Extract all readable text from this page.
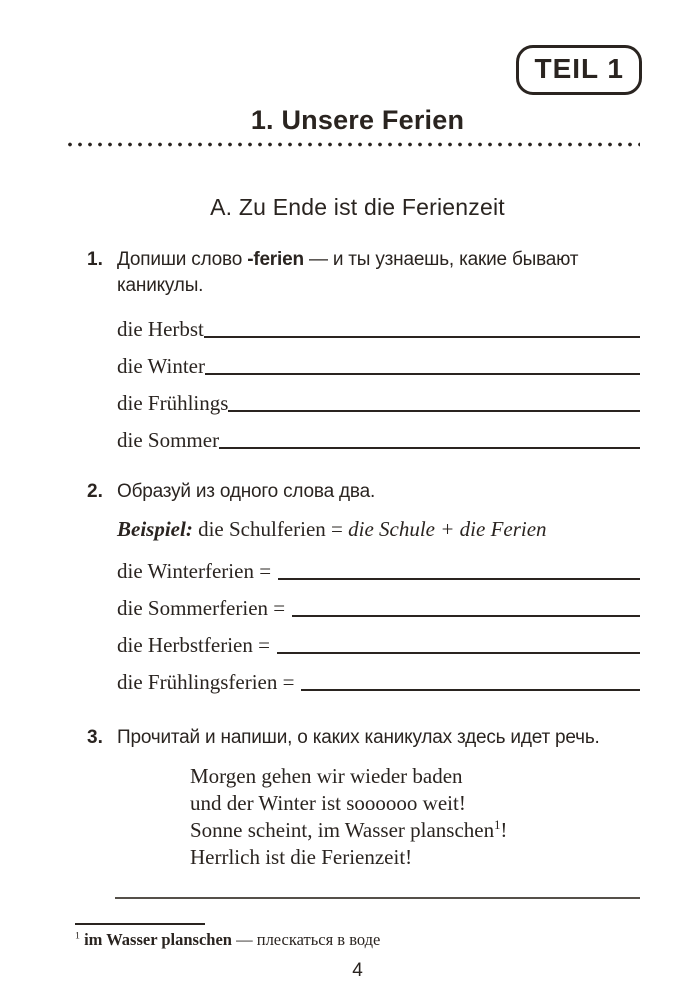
TEIL 1
1. Unsere Ferien
A. Zu Ende ist die Ferienzeit
1. Допиши слово -ferien — и ты узнаешь, какие бывают каникулы.
die Herbst
die Winter
die Frühlings
die Sommer
2. Образуй из одного слова два.
Beispiel: die Schulferien = die Schule + die Ferien
die Winterferien =
die Sommerferien =
die Herbstferien =
die Frühlingsferien =
3. Прочитай и напиши, о каких каникулах здесь идет речь.
Morgen gehen wir wieder baden
und der Winter ist soooooo weit!
Sonne scheint, im Wasser planschen$^1$!
Herrlich ist die Ferienzeit!
$^1$ im Wasser planschen — плескаться в воде
4
